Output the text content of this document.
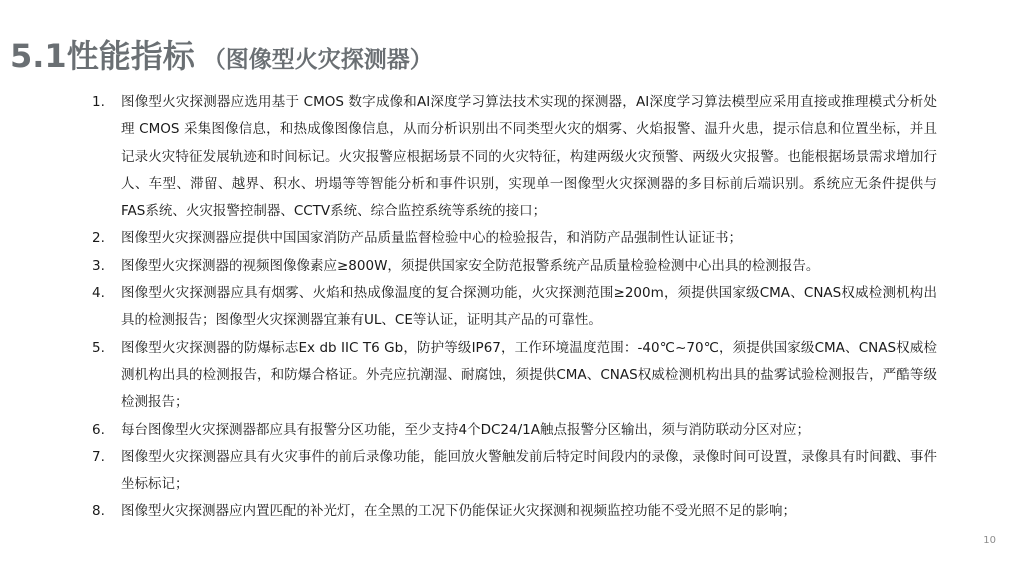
5.1性能指标 （图像型火灾探测器）
1.	图像型火灾探测器应选用基于 CMOS 数字成像和AI深度学习算法技术实现的探测器，AI深度学习算法模型应采用直接或推理模式分析处理 CMOS 采集图像信息，和热成像图像信息，从而分析识别出不同类型火灾的烟雾、火焰报警、温升火患，提示信息和位置坐标，并且记录火灾特征发展轨迹和时间标记。火灾报警应根据场景不同的火灾特征，构建两级火灾预警、两级火灾报警。也能根据场景需求增加行人、车型、滞留、越界、积水、坍塌等等智能分析和事件识别，实现单一图像型火灾探测器的多目标前后端识别。系统应无条件提供与FAS系统、火灾报警控制器、CCTV系统、综合监控系统等系统的接口；
2.	图像型火灾探测器应提供中国国家消防产品质量监督检验中心的检验报告，和消防产品强制性认证证书；
3.	图像型火灾探测器的视频图像像素应≥800W，须提供国家安全防范报警系统产品质量检验检测中心出具的检测报告。
4.	图像型火灾探测器应具有烟雾、火焰和热成像温度的复合探测功能，火灾探测范围≥200m，须提供国家级CMA、CNAS权威检测机构出具的检测报告；图像型火灾探测器宜兼有UL、CE等认证，证明其产品的可靠性。
5.	图像型火灾探测器的防爆标志Ex db IIC T6 Gb，防护等级IP67，工作环境温度范围：-40℃~70℃，须提供国家级CMA、CNAS权威检测机构出具的检测报告，和防爆合格证。外壳应抗潮湿、耐腐蚀，须提供CMA、CNAS权威检测机构出具的盐雾试验检测报告，严酷等级检测报告；
6.	每台图像型火灾探测器都应具有报警分区功能，至少支持4个DC24/1A触点报警分区输出，须与消防联动分区对应；
7.	图像型火灾探测器应具有火灾事件的前后录像功能，能回放火警触发前后特定时间段内的录像，录像时间可设置，录像具有时间戳、事件坐标标记；
8.	图像型火灾探测器应内置匹配的补光灯，在全黑的工况下仍能保证火灾探测和视频监控功能不受光照不足的影响；
10
